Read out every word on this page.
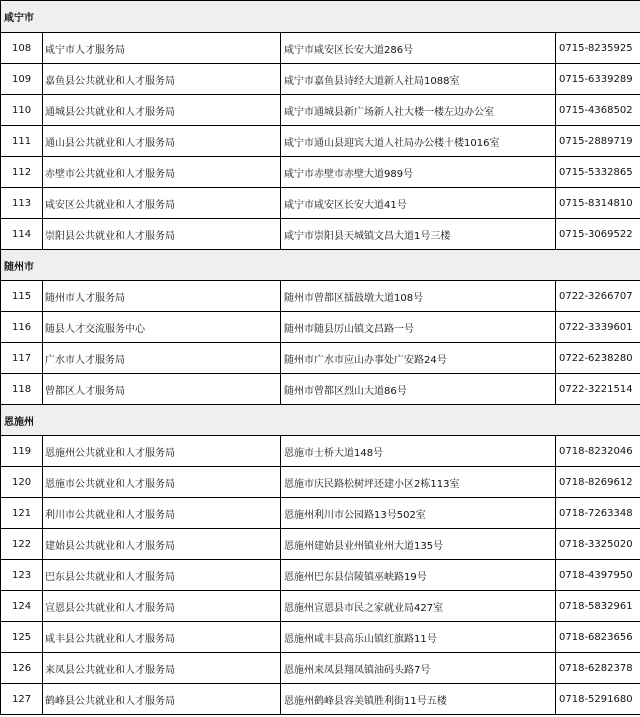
咸宁市			
108	咸宁市人才服务局	咸宁市咸安区长安大道286号	0715-8235925
109	嘉鱼县公共就业和人才服务局	咸宁市嘉鱼县诗经大道新人社局1088室	0715-6339289
110	通城县公共就业和人才服务局	咸宁市通城县新广场新人社大楼一楼左边办公室	0715-4368502
111	通山县公共就业和人才服务局	咸宁市通山县迎宾大道人社局办公楼十楼1016室	0715-2889719
112	赤壁市公共就业和人才服务局	咸宁市赤壁市赤壁大道989号	0715-5332865
113	咸安区公共就业和人才服务局	咸宁市咸安区长安大道41号	0715-8314810
114	崇阳县公共就业和人才服务局	咸宁市崇阳县天城镇文昌大道1号三楼	0715-3069522
随州市			
115	随州市人才服务局	随州市曾都区擂鼓墩大道108号	0722-3266707
116	随县人才交流服务中心	随州市随县厉山镇文昌路一号	0722-3339601
117	广水市人才服务局	随州市广水市应山办事处广安路24号	0722-6238280
118	曾都区人才服务局	随州市曾都区烈山大道86号	0722-3221514
恩施州			
119	恩施州公共就业和人才服务局	恩施市士桥大道148号	0718-8232046
120	恩施市公共就业和人才服务局	恩施市庆民路松树坪还建小区2栋113室	0718-8269612
121	利川市公共就业和人才服务局	恩施州利川市公园路13号502室	0718-7263348
122	建始县公共就业和人才服务局	恩施州建始县业州镇业州大道135号	0718-3325020
123	巴东县公共就业和人才服务局	恩施州巴东县信陵镇巫峡路19号	0718-4397950
124	宣恩县公共就业和人才服务局	恩施州宣恩县市民之家就业局427室	0718-5832961
125	咸丰县公共就业和人才服务局	恩施州咸丰县高乐山镇红旗路11号	0718-6823656
126	来凤县公共就业和人才服务局	恩施州来凤县翔凤镇油码头路7号	0718-6282378
127	鹤峰县公共就业和人才服务局	恩施州鹤峰县容美镇胜利街11号五楼	0718-5291680
